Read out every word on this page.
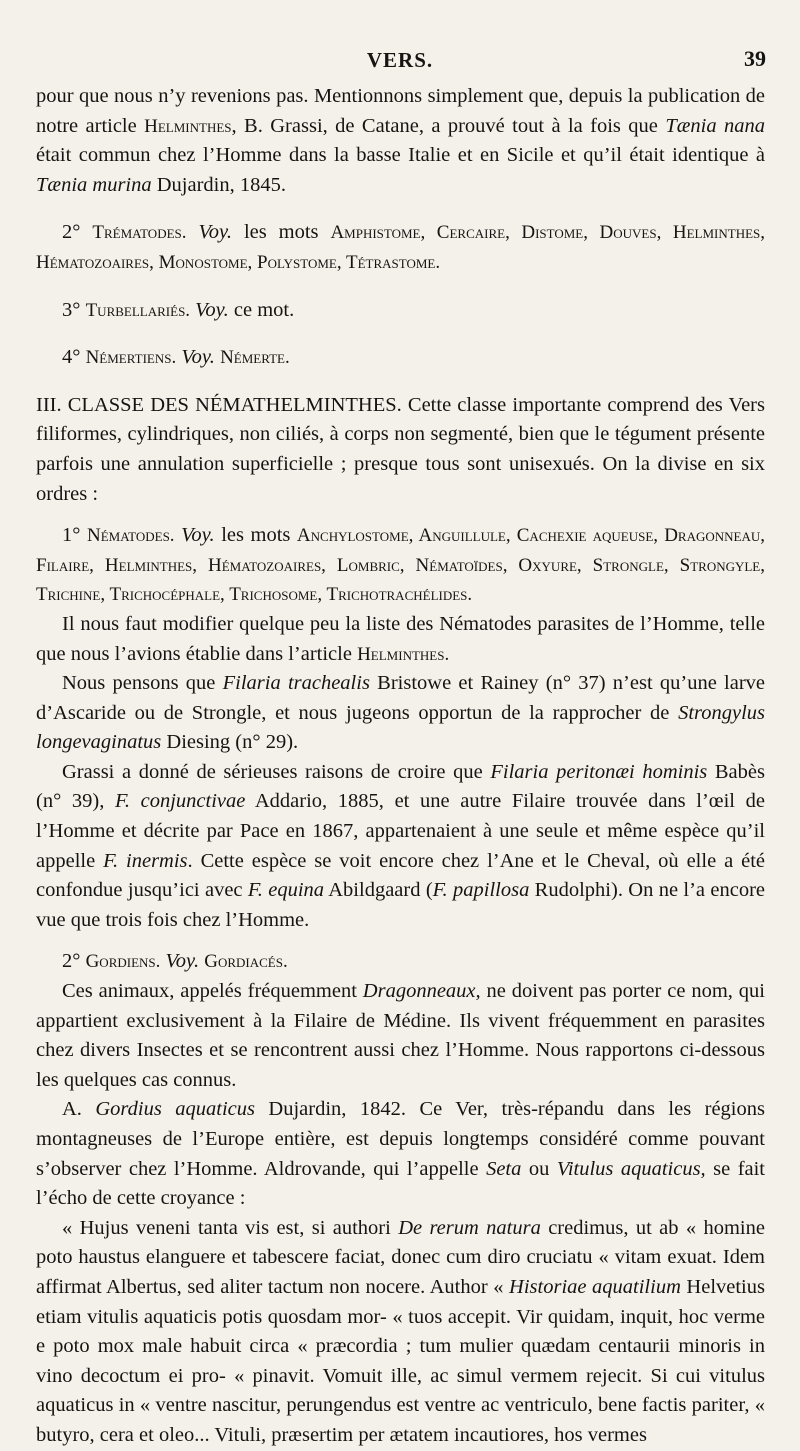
VERS.	39

pour que nous n’y revenions pas. Mentionnons simplement que, depuis la publication de notre article Helminthes, B. Grassi, de Catane, a prouvé tout à la fois que Tænia nana était commun chez l’Homme dans la basse Italie et en Sicile et qu’il était identique à Tænia murina Dujardin, 1845.

2° Trématodes. Voy. les mots Amphistome, Cercaire, Distome, Douves, Helminthes, Hématozoaires, Monostome, Polystome, Tétrastome.

3° Turbellariés. Voy. ce mot.

4° Némertiens. Voy. Némerte.

III. CLASSE DES NÉMATHELMINTHES. Cette classe importante comprend des Vers filiformes, cylindriques, non ciliés, à corps non segmenté, bien que le tégument présente parfois une annulation superficielle ; presque tous sont unisexués. On la divise en six ordres :

1° Nématodes. Voy. les mots Anchylostome, Anguillule, Cachexie aqueuse, Dragonneau, Filaire, Helminthes, Hématozoaires, Lombric, Nématoïdes, Oxyure, Strongle, Strongyle, Trichine, Trichocéphale, Trichosome, Trichotrachélides.

Il nous faut modifier quelque peu la liste des Nématodes parasites de l’Homme, telle que nous l’avions établie dans l’article Helminthes.

Nous pensons que Filaria trachealis Bristowe et Rainey (n° 37) n’est qu’une larve d’Ascaride ou de Strongle, et nous jugeons opportun de la rapprocher de Strongylus longevaginatus Diesing (n° 29).

Grassi a donné de sérieuses raisons de croire que Filaria peritonæi hominis Babès (n° 39), F. conjunctivae Addario, 1885, et une autre Filaire trouvée dans l’œil de l’Homme et décrite par Pace en 1867, appartenaient à une seule et même espèce qu’il appelle F. inermis. Cette espèce se voit encore chez l’Ane et le Cheval, où elle a été confondue jusqu’ici avec F. equina Abildgaard (F. papillosa Rudolphi). On ne l’a encore vue que trois fois chez l’Homme.

2° Gordiens. Voy. Gordiacés.

Ces animaux, appelés fréquemment Dragonneaux, ne doivent pas porter ce nom, qui appartient exclusivement à la Filaire de Médine. Ils vivent fréquemment en parasites chez divers Insectes et se rencontrent aussi chez l’Homme. Nous rapportons ci-dessous les quelques cas connus.

A. Gordius aquaticus Dujardin, 1842. Ce Ver, très-répandu dans les régions montagneuses de l’Europe entière, est depuis longtemps considéré comme pouvant s’observer chez l’Homme. Aldrovande, qui l’appelle Seta ou Vitulus aquaticus, se fait l’écho de cette croyance :

« Hujus veneni tanta vis est, si authori De rerum natura credimus, ut ab « homine poto haustus elanguere et tabescere faciat, donec cum diro cruciatu « vitam exuat. Idem affirmat Albertus, sed aliter tactum non nocere. Author « Historiae aquatilium Helvetius etiam vitulis aquaticis potis quosdam mor- « tuos accepit. Vir quidam, inquit, hoc verme e poto mox male habuit circa « præcordia ; tum mulier quædam centaurii minoris in vino decoctum ei pro- « pinavit. Vomuit ille, ac simul vermem rejecit. Si cui vitulus aquaticus in « ventre nascitur, perungendus est ventre ac ventriculo, bene factis pariter, « butyro, cera et oleo... Vituli, præsertim per ætatem incautiores, hos vermes
